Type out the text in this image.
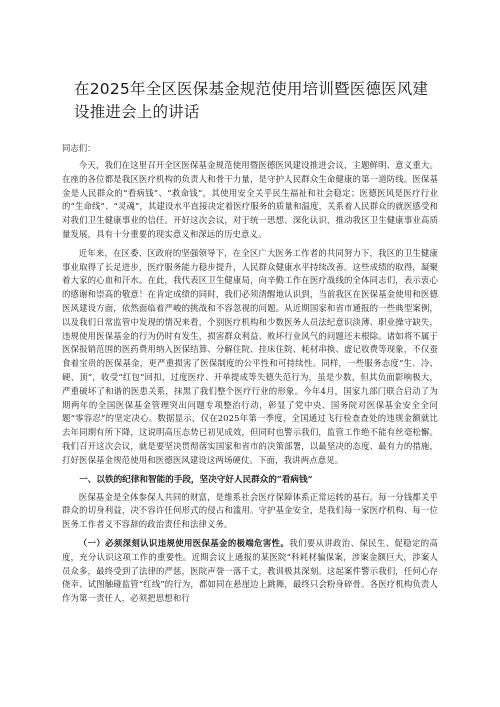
在2025年全区医保基金规范使用培训暨医德医风建设推进会上的讲话
同志们：

今天，我们在这里召开全区医保基金规范使用暨医德医风建设推进会议，主题鲜明、意义重大。在座的各位都是我区医疗机构的负责人和骨干力量，是守护人民群众生命健康的第一道防线。医保基金是人民群众的“看病钱”、“救命钱”，其使用安全关乎民生福祉和社会稳定；医德医风是医疗行业的“生命线”、“灵魂”，其建设水平直接决定着医疗服务的质量和温度，关系着人民群众的就医感受和对我们卫生健康事业的信任。开好这次会议，对于统一思想、深化认识，推动我区卫生健康事业高质量发展，具有十分重要的现实意义和深远的历史意义。

近年来，在区委、区政府的坚强领导下，在全区广大医务工作者的共同努力下，我区的卫生健康事业取得了长足进步，医疗服务能力稳步提升，人民群众健康水平持续改善。这些成绩的取得，凝聚着大家的心血和汗水。在此，我代表区卫生健康局，向辛勤工作在医疗战线的全体同志们，表示衷心的感谢和崇高的敬意！在肯定成绩的同时，我们必须清醒地认识到，当前我区在医保基金使用和医德医风建设方面，依然面临着严峻的挑战和不容忽视的问题。从近期国家和省市通报的一些典型案例，以及我们日常监管中发现的情况来看，个别医疗机构和少数医务人员法纪意识淡薄、职业操守缺失，违规使用医保基金的行为仍时有发生，损害群众利益、败坏行业风气的问题还未根除。诸如将不属于医保报销范围的医药费用纳入医保结算、分解住院、挂床住院、耗材串换、虚记收费等现象，不仅蚕食着宝贵的医保基金，更严重损害了医保制度的公平性和可持续性。同样，一些服务态度“生、冷、硬、顶”，收受“红包”回扣，过度医疗、开单提成等失德失范行为，虽是少数，但其负面影响极大，严重破坏了和谐的医患关系，抹黑了我们整个医疗行业的形象。今年4月，国家九部门联合启动了为期两年的全国医保基金管理突出问题专项整治行动，彰显了党中央、国务院对医保基金安全全问题“零容忍”的坚定决心。数据显示，仅在2025年第一季度，全国通过飞行检查查处的违规金额就比去年同期有所下降，这说明高压态势已初见成效，但同时也警示我们，监管工作绝不能有丝毫松懈。我们召开这次会议，就是要坚决贯彻落实国家和省市的决策部署，以最坚决的态度、最有力的措施，打好医保基金规范使用和医德医风建设这两场硬仗。下面，我讲两点意见。

一、以铁的纪律和智能的手段，坚决守好人民群众的“看病钱”

医保基金是全体参保人共同的财富，是维系社会医疗保障体系正常运转的基石。每一分钱都关乎群众的切身利益，决不容许任何形式的侵占和滥用。守护基金安全，是我们每一家医疗机构、每一位医务工作者义不容辞的政治责任和法律义务。

（一）必须深刻认识违规使用医保基金的极端危害性。我们要从讲政治、保民生、促稳定的高度，充分认识这项工作的重要性。近期会议上通报的某医院“科耗材骗保案，涉案金额巨大，涉案人员众多，最终受到了法律的严惩，医院声誉一落千丈，教训极其深刻。这起案件警示我们，任何心存侥幸、试图触碰监管“红线”的行为，都如同在悬崖边上跳舞，最终只会粉身碎骨。各医疗机构负责人作为第一责任人，必须把思想和行
